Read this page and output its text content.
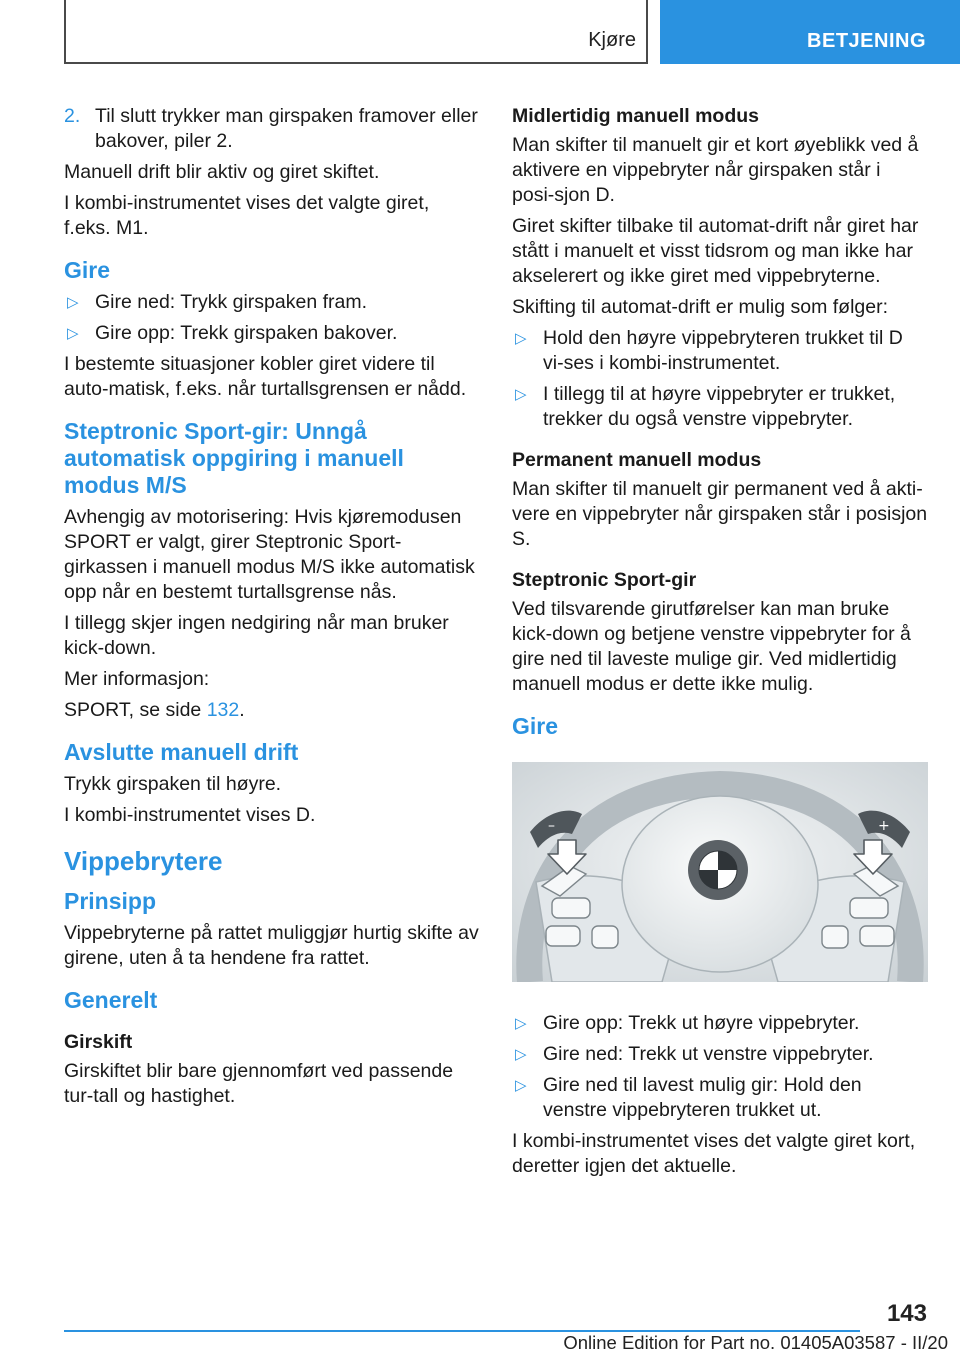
Kjøre	BETJENING
2. Til slutt trykker man girspaken framover eller bakover, piler 2.

Manuell drift blir aktiv og giret skiftet.

I kombi-instrumentet vises det valgte giret, f.eks. M1.

Gire
▷ Gire ned: Trykk girspaken fram.
▷ Gire opp: Trekk girspaken bakover.

I bestemte situasjoner kobler giret videre til auto-matisk, f.eks. når turtallsgrensen er nådd.

Steptronic Sport-gir: Unngå automatisk oppgiring i manuell modus M/S

Avhengig av motorisering: Hvis kjøremodusen SPORT er valgt, girer Steptronic Sport-girkassen i manuell modus M/S ikke automatisk opp når en bestemt turtallsgrense nås.

I tillegg skjer ingen nedgiring når man bruker kick-down.

Mer informasjon:

SPORT, se side 132.

Avslutte manuell drift

Trykk girspaken til høyre.

I kombi-instrumentet vises D.

Vippebrytere
Prinsipp

Vippebryterne på rattet muliggjør hurtig skifte av girene, uten å ta hendene fra rattet.

Generelt
Girskift

Girskiftet blir bare gjennomført ved passende tur-tall og hastighet.

Midlertidig manuell modus

Man skifter til manuelt gir et kort øyeblikk ved å aktivere en vippebryter når girspaken står i posi-sjon D.

Giret skifter tilbake til automat-drift når giret har stått i manuelt et visst tidsrom og man ikke har akselerert og ikke giret med vippebryterne.

Skifting til automat-drift er mulig som følger:

▷ Hold den høyre vippebryteren trukket til D vi-ses i kombi-instrumentet.
▷ I tillegg til at høyre vippebryter er trukket, trekker du også venstre vippebryter.
Permanent manuell modus

Man skifter til manuelt gir permanent ved å akti-vere en vippebryter når girspaken står i posisjon S.

Steptronic Sport-gir

Ved tilsvarende girutførelser kan man bruke kick-down og betjene venstre vippebryter for å gire ned til laveste mulige gir. Ved midlertidig manuell modus er dette ikke mulig.

Gire
–	+
▷ Gire opp: Trekk ut høyre vippebryter.
▷ Gire ned: Trekk ut venstre vippebryter.
▷ Gire ned til lavest mulig gir: Hold den venstre vippebryteren trukket ut.

I kombi-instrumentet vises det valgte giret kort, deretter igjen det aktuelle.

143
Online Edition for Part no. 01405A03587 - II/20
